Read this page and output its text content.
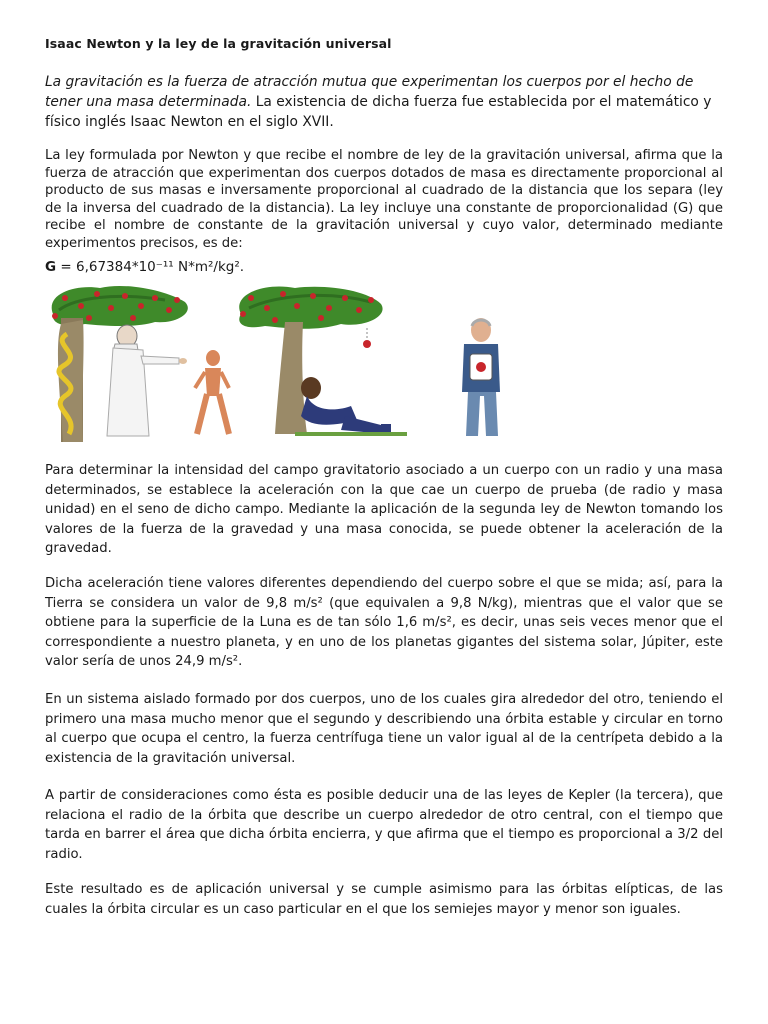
Isaac Newton y la ley de la gravitación universal

La gravitación es la fuerza de atracción mutua que experimentan los cuerpos por el hecho de tener una masa determinada. La existencia de dicha fuerza fue establecida por el matemático y físico inglés Isaac Newton en el siglo XVII.

La ley formulada por Newton y que recibe el nombre de ley de la gravitación universal, afirma que la fuerza de atracción que experimentan dos cuerpos dotados de masa es directamente proporcional al producto de sus masas e inversamente proporcional al cuadrado de la distancia que los separa (ley de la inversa del cuadrado de la distancia). La ley incluye una constante de proporcionalidad (G) que recibe el nombre de constante de la gravitación universal y cuyo valor, determinado mediante experimentos precisos, es de:

G = 6,67384*10⁻¹¹ N*m²/kg².

Para determinar la intensidad del campo gravitatorio asociado a un cuerpo con un radio y una masa determinados, se establece la aceleración con la que cae un cuerpo de prueba (de radio y masa unidad) en el seno de dicho campo. Mediante la aplicación de la segunda ley de Newton tomando los valores de la fuerza de la gravedad y una masa conocida, se puede obtener la aceleración de la gravedad.

Dicha aceleración tiene valores diferentes dependiendo del cuerpo sobre el que se mida; así, para la Tierra se considera un valor de 9,8 m/s² (que equivalen a 9,8 N/kg), mientras que el valor que se obtiene para la superficie de la Luna es de tan sólo 1,6 m/s², es decir, unas seis veces menor que el correspondiente a nuestro planeta, y en uno de los planetas gigantes del sistema solar, Júpiter, este valor sería de unos 24,9 m/s².

En un sistema aislado formado por dos cuerpos, uno de los cuales gira alrededor del otro, teniendo el primero una masa mucho menor que el segundo y describiendo una órbita estable y circular en torno al cuerpo que ocupa el centro, la fuerza centrífuga tiene un valor igual al de la centrípeta debido a la existencia de la gravitación universal.

A partir de consideraciones como ésta es posible deducir una de las leyes de Kepler (la tercera), que relaciona el radio de la órbita que describe un cuerpo alrededor de otro central, con el tiempo que tarda en barrer el área que dicha órbita encierra, y que afirma que el tiempo es proporcional a 3/2 del radio.

Este resultado es de aplicación universal y se cumple asimismo para las órbitas elípticas, de las cuales la órbita circular es un caso particular en el que los semiejes mayor y menor son iguales.
